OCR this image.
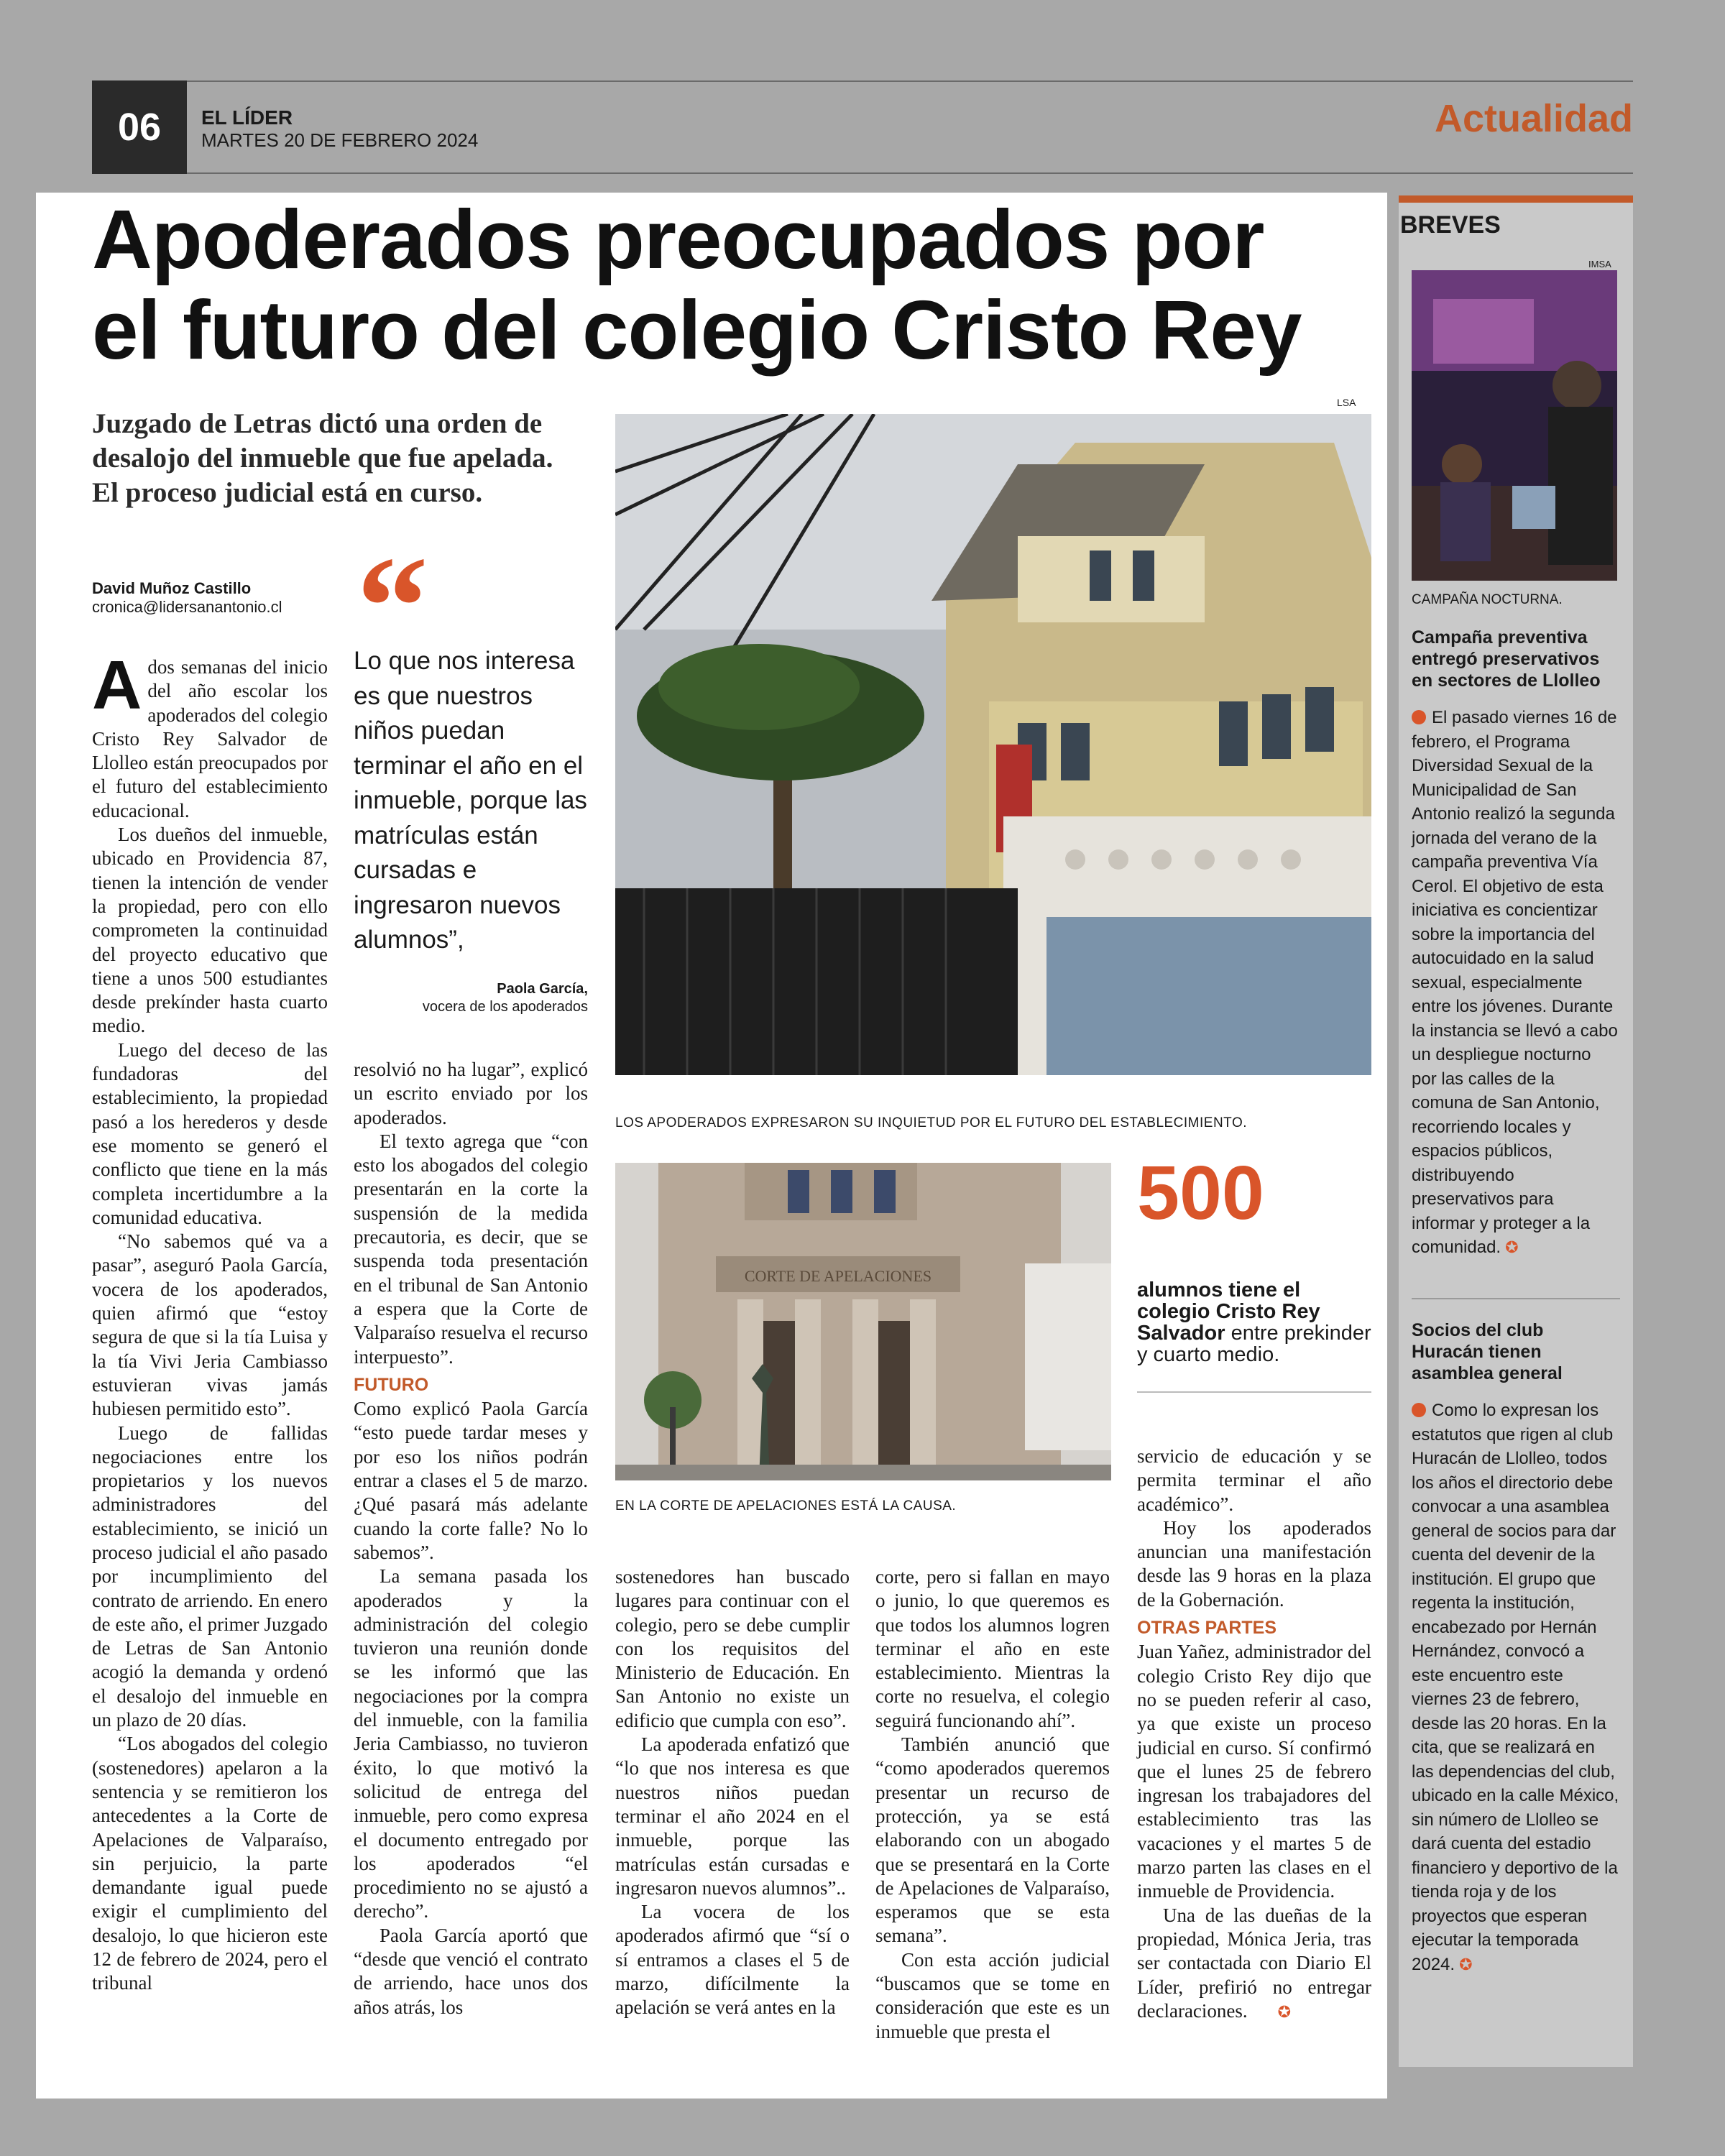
06	EL LÍDER
MARTES 20 DE FEBRERO 2024	Actualidad
Apoderados preocupados por
el futuro del colegio Cristo Rey
Juzgado de Letras dictó una orden de desalojo del inmueble que fue apelada. El proceso judicial está en curso.
David Muñoz Castillo
cronica@lidersanantonio.cl

Ados semanas del inicio del año escolar los apoderados del colegio Cristo Rey Salvador de Llolleo están preocupados por el futuro del establecimiento educacional.

Los dueños del inmueble, ubicado en Providencia 87, tienen la intención de vender la propiedad, pero con ello comprometen la continuidad del proyecto educativo que tiene a unos 500 estudiantes desde prekínder hasta cuarto medio.

Luego del deceso de las fundadoras del establecimiento, la propiedad pasó a los herederos y desde ese momento se generó el conflicto que tiene en la más completa incertidumbre a la comunidad educativa.

“No sabemos qué va a pasar”, aseguró Paola García, vocera de los apoderados, quien afirmó que “estoy segura de que si la tía Luisa y la tía Vivi Jeria Cambiasso estuvieran vivas jamás hubiesen permitido esto”.

Luego de fallidas negociaciones entre los propietarios y los nuevos administradores del establecimiento, se inició un proceso judicial el año pasado por incumplimiento del contrato de arriendo. En enero de este año, el primer Juzgado de Letras de San Antonio acogió la demanda y ordenó el desalojo del inmueble en un plazo de 20 días.

“Los abogados del colegio (sostenedores) apelaron a la sentencia y se remitieron los antecedentes a la Corte de Apelaciones de Valparaíso, sin perjuicio, la parte demandante igual puede exigir el cumplimiento del desalojo, lo que hicieron este 12 de febrero de 2024, pero el tribunal

Lo que nos interesa es que nuestros niños puedan terminar el año en el inmueble, porque las matrículas están cursadas e ingresaron nuevos alumnos”,
Paola García,
vocera de los apoderados

resolvió no ha lugar”, explicó un escrito enviado por los apoderados.

El texto agrega que “con esto los abogados del colegio presentarán en la corte la suspensión de la medida precautoria, es decir, que se suspenda toda presentación en el tribunal de San Antonio a espera que la Corte de Valparaíso resuelva el recurso interpuesto”.

FUTURO

Como explicó Paola García “esto puede tardar meses y por eso los niños podrán entrar a clases el 5 de marzo. ¿Qué pasará más adelante cuando la corte falle? No lo sabemos”.

La semana pasada los apoderados y la administración del colegio tuvieron una reunión donde se les informó que las negociaciones por la compra del inmueble, con la familia Jeria Cambiasso, no tuvieron éxito, lo que motivó la solicitud de entrega del inmueble, pero como expresa el documento entregado por los apoderados “el procedimiento no se ajustó a derecho”.

Paola García aportó que “desde que venció el contrato de arriendo, hace unos dos años atrás, los

LSA
LOS APODERADOS EXPRESARON SU INQUIETUD POR EL FUTURO DEL ESTABLECIMIENTO.
CORTE DE APELACIONES
EN LA CORTE DE APELACIONES ESTÁ LA CAUSA.
500
alumnos tiene el colegio Cristo Rey Salvador entre prekinder y cuarto medio.

sostenedores han buscado lugares para continuar con el colegio, pero se debe cumplir con los requisitos del Ministerio de Educación. En San Antonio no existe un edificio que cumpla con eso”.

La apoderada enfatizó que “lo que nos interesa es que nuestros niños puedan terminar el año 2024 en el inmueble, porque las matrículas están cursadas e ingresaron nuevos alumnos”..

La vocera de los apoderados afirmó que “sí o sí entramos a clases el 5 de marzo, difícilmente la apelación se verá antes en la

corte, pero si fallan en mayo o junio, lo que queremos es que todos los alumnos logren terminar el año en este establecimiento. Mientras la corte no resuelva, el colegio seguirá funcionando ahí”.

También anunció que “como apoderados queremos presentar un recurso de protección, ya se está elaborando con un abogado que se presentará en la Corte de Apelaciones de Valparaíso, esperamos que se esta semana”.

Con esta acción judicial “buscamos que se tome en consideración que este es un inmueble que presta el

servicio de educación y se permita terminar el año académico”.

Hoy los apoderados anuncian una manifestación desde las 9 horas en la plaza de la Gobernación.

OTRAS PARTES

Juan Yañez, administrador del colegio Cristo Rey dijo que no se pueden referir al caso, ya que existe un proceso judicial en curso. Sí confirmó que el lunes 25 de febrero ingresan los trabajadores del establecimiento tras las vacaciones y el martes 5 de marzo parten las clases en el inmueble de Providencia.

Una de las dueñas de la propiedad, Mónica Jeria, tras ser contactada con Diario El Líder, prefirió no entregar declaraciones. ✪

BREVES
IMSA
CAMPAÑA NOCTURNA.
Campaña preventiva entregó preservativos en sectores de Llolleo
El pasado viernes 16 de febrero, el Programa Diversidad Sexual de la Municipalidad de San Antonio realizó la segunda jornada del verano de la campaña preventiva Vía Cerol. El objetivo de esta iniciativa es concientizar sobre la importancia del autocuidado en la salud sexual, especialmente entre los jóvenes. Durante la instancia se llevó a cabo un despliegue nocturno por las calles de la comuna de San Antonio, recorriendo locales y espacios públicos, distribuyendo preservativos para informar y proteger a la comunidad. ✪
Socios del club Huracán tienen asamblea general
Como lo expresan los estatutos que rigen al club Huracán de Llolleo, todos los años el directorio debe convocar a una asamblea general de socios para dar cuenta del devenir de la institución. El grupo que regenta la institución, encabezado por Hernán Hernández, convocó a este encuentro este viernes 23 de febrero, desde las 20 horas. En la cita, que se realizará en las dependencias del club, ubicado en la calle México, sin número de Llolleo se dará cuenta del estadio financiero y deportivo de la tienda roja y de los proyectos que esperan ejecutar la temporada 2024. ✪
